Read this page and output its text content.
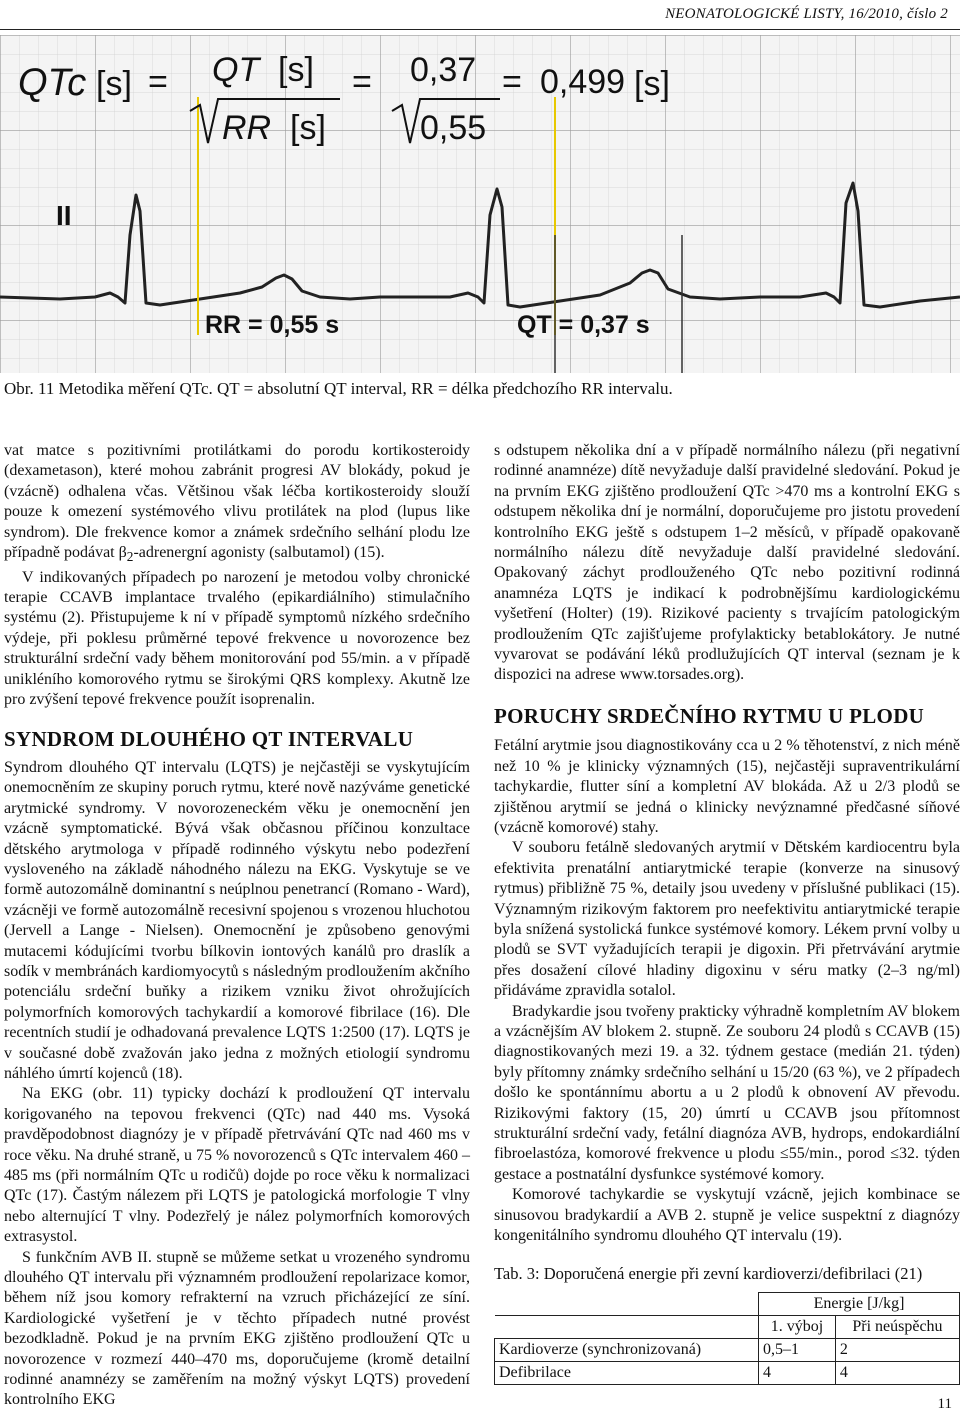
NEONATOLOGICKÉ LISTY, 16/2010, číslo 2
QTc [s] = QT [s]
RR [s]
= 0,37
0,55
= 0,499 [s]
II
RR = 0,55 s	QT = 0,37 s
Obr. 11 Metodika měření QTc. QT = absolutní QT interval, RR = délka předchozího RR intervalu.

vat matce s pozitivními protilátkami do porodu kortikosteroidy (dexametason), které mohou zabránit progresi AV blokády, pokud je (vzácně) odhalena včas. Většinou však léčba kortikosteroidy slouží pouze k omezení systémového vlivu protilátek na plod (lupus like syndrom). Dle frekvence komor a známek srdečního selhání plodu lze případně podávat $\beta_2$-adrenergní agonisty (salbutamol) (15).

V indikovaných případech po narození je metodou volby chronické terapie CCAVB implantace trvalého (epikardiálního) stimulačního systému (2). Přistupujeme k ní v případě symptomů nízkého srdečního výdeje, při poklesu průměrné tepové frekvence u novorozence bez strukturální srdeční vady během monitorování pod 55/min. a v případě unikléního komorového rytmu se širokými QRS komplexy. Akutně lze pro zvýšení tepové frekvence použít isoprenalin.

SYNDROM DLOUHÉHO QT INTERVALU

Syndrom dlouhého QT intervalu (LQTS) je nejčastěji se vyskytujícím onemocněním ze skupiny poruch rytmu, které nově nazýváme genetické arytmické syndromy. V novorozeneckém věku je onemocnění jen vzácně symptomatické. Bývá však občasnou příčinou konzultace dětského arytmologa v případě rodinného výskytu nebo podezření vysloveného na základě náhodného nálezu na EKG. Vyskytuje se ve formě autozomálně dominantní s neúplnou penetrancí (Romano - Ward), vzácněji ve formě autozomálně recesivní spojenou s vrozenou hluchotou (Jervell a Lange - Nielsen). Onemocnění je způsobeno genovými mutacemi kódujícími tvorbu bílkovin iontových kanálů pro draslík a sodík v membránách kardiomyocytů s následným prodloužením akčního potenciálu srdeční buňky a rizikem vzniku život ohrožujících polymorfních komorových tachykardií a komorové fibrilace (16). Dle recentních studií je odhadovaná prevalence LQTS 1:2500 (17). LQTS je v současné době zvažován jako jedna z možných etiologií syndromu náhlého úmrtí kojenců (18).

Na EKG (obr. 11) typicky dochází k prodloužení QT intervalu korigovaného na tepovou frekvenci (QTc) nad 440 ms. Vysoká pravděpodobnost diagnózy je v případě přetrvávání QTc nad 460 ms v roce věku. Na druhé straně, u 75 % novorozenců s QTc intervalem 460 – 485 ms (při normálním QTc u rodičů) dojde po roce věku k normalizaci QTc (17). Častým nálezem při LQTS je patologická morfologie T vlny nebo alternující T vlny. Podezřelý je nález polymorfních komorových extrasystol.

S funkčním AVB II. stupně se můžeme setkat u vrozeného syndromu dlouhého QT intervalu při významném prodloužení repolarizace komor, během níž jsou komory refrakterní na vzruch přicházející ze síní. Kardiologické vyšetření je v těchto případech nutné provést bezodkladně. Pokud je na prvním EKG zjištěno prodloužení QTc u novorozence v rozmezí 440–470 ms, doporučujeme (kromě detailní rodinné anamnézy se zaměřením na možný výskyt LQTS) provedení kontrolního EKG

s odstupem několika dní a v případě normálního nálezu (při negativní rodinné anamnéze) dítě nevyžaduje další pravidelné sledování. Pokud je na prvním EKG zjištěno prodloužení QTc >470 ms a kontrolní EKG s odstupem několika dní je normální, doporučujeme pro jistotu provedení kontrolního EKG ještě s odstupem 1–2 měsíců, v případě opakovaně normálního nálezu dítě nevyžaduje další pravidelné sledování. Opakovaný záchyt prodlouženého QTc nebo pozitivní rodinná anamnéza LQTS je indikací k podrobnějšímu kardiologickému vyšetření (Holter) (19). Rizikové pacienty s trvajícím patologickým prodloužením QTc zajišťujeme profylakticky betablokátory. Je nutné vyvarovat se podávání léků prodlužujících QT interval (seznam je k dispozici na adrese www.torsades.org).

PORUCHY SRDEČNÍHO RYTMU U PLODU

Fetální arytmie jsou diagnostikovány cca u 2 % těhotenství, z nich méně než 10 % je klinicky významných (15), nejčastěji supraventrikulární tachykardie, flutter síní a kompletní AV blokáda. Až u 2/3 plodů se zjištěnou arytmií se jedná o klinicky nevýznamné předčasné síňové (vzácně komorové) stahy.

V souboru fetálně sledovaných arytmií v Dětském kardiocentru byla efektivita prenatální antiarytmické terapie (konverze na sinusový rytmus) přibližně 75 %, detaily jsou uvedeny v příslušné publikaci (15). Významným rizikovým faktorem pro neefektivitu antiarytmické terapie byla snížená systolická funkce systémové komory. Lékem první volby u plodů se SVT vyžadujících terapii je digoxin. Při přetrvávání arytmie přes dosažení cílové hladiny digoxinu v séru matky (2–3 ng/ml) přidáváme zpravidla sotalol.

Bradykardie jsou tvořeny prakticky výhradně kompletním AV blokem a vzácnějším AV blokem 2. stupně. Ze souboru 24 plodů s CCAVB (15) diagnostikovaných mezi 19. a 32. týdnem gestace (medián 21. týden) byly přítomny známky srdečního selhání u 15/20 (63 %), ve 2 případech došlo ke spontánnímu abortu a u 2 plodů k obnovení AV převodu. Rizikovými faktory (15, 20) úmrtí u CCAVB jsou přítomnost strukturální srdeční vady, fetální diagnóza AVB, hydrops, endokardiální fibroelastóza, komorové frekvence u plodu ≤55/min., porod ≤32. týden gestace a postnatální dysfunkce systémové komory.

Komorové tachykardie se vyskytují vzácně, jejich kombinace se sinusovou bradykardií a AVB 2. stupně je velice suspektní z diagnózy kongenitálního syndromu dlouhého QT intervalu (19).

Tab. 3: Doporučená energie při zevní kardioverzi/defibrilaci (21)

	Energie [J/kg]	
	1. výboj	Při neúspěchu
Kardioverze (synchronizovaná)	0,5–1	2
Defibrilace	4	4
11
